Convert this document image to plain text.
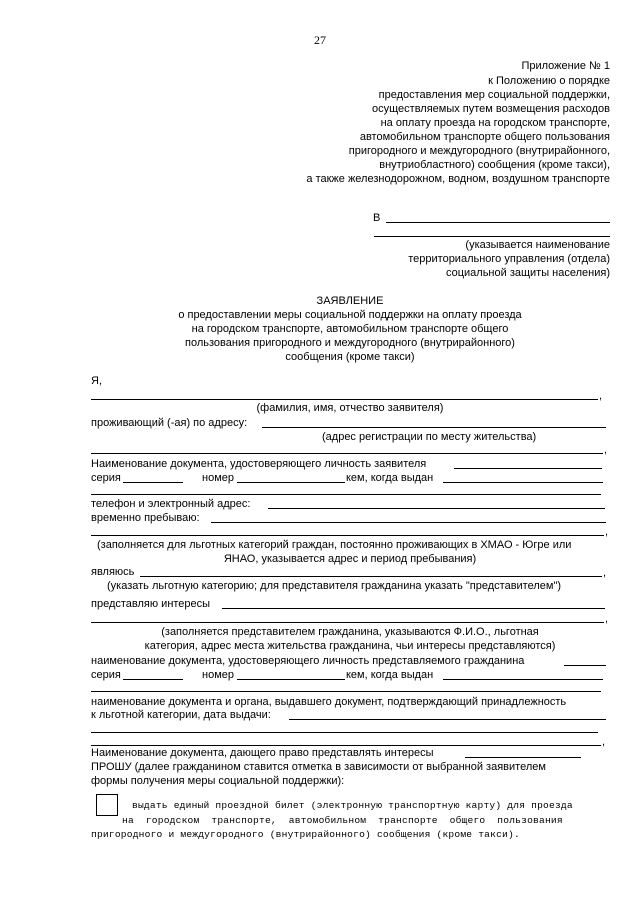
27
Приложение № 1
к Положению о порядке
предоставления мер социальной поддержки,
осуществляемых путем возмещения расходов
на оплату проезда на городском транспорте,
автомобильном транспорте общего пользования
пригородного и междугородного (внутрирайонного,
внутриобластного) сообщения (кроме такси),
а также железнодорожном, водном, воздушном транспорте
В
(указывается наименование
территориального управления (отдела)
социальной защиты населения)
ЗАЯВЛЕНИЕ
о предоставлении меры социальной поддержки на оплату проезда
на городском транспорте, автомобильном транспорте общего
пользования пригородного и междугородного (внутрирайонного)
сообщения (кроме такси)
Я,
,
(фамилия, имя, отчество заявителя)
проживающий (-ая) по адресу:
(адрес регистрации по месту жительства)
,
Наименование документа, удостоверяющего личность заявителя
серия	номер	кем, когда выдан
телефон и электронный адрес:
временно пребываю:
,
(заполняется для льготных категорий граждан, постоянно проживающих в ХМАО - Югре или
ЯНАО, указывается адрес и период пребывания)
являюсь	,
(указать льготную категорию; для представителя гражданина указать "представителем")
представляю интересы
,
(заполняется представителем гражданина, указываются Ф.И.О., льготная
категория, адрес места жительства гражданина, чьи интересы представляются)
наименование документа, удостоверяющего личность представляемого гражданина
серия	номер	кем, когда выдан
наименование документа и органа, выдавшего документ, подтверждающий принадлежность
к льготной категории, дата выдачи:
,
Наименование документа, дающего право представлять интересы
ПРОШУ (далее гражданином ставится отметка в зависимости от выбранной заявителем
формы получения меры социальной поддержки):
выдать единый проездной билет (электронную транспортную карту) для проезда
на  городском  транспорте,  автомобильном  транспорте  общего  пользования
пригородного и междугородного (внутрирайонного) сообщения (кроме такси).
